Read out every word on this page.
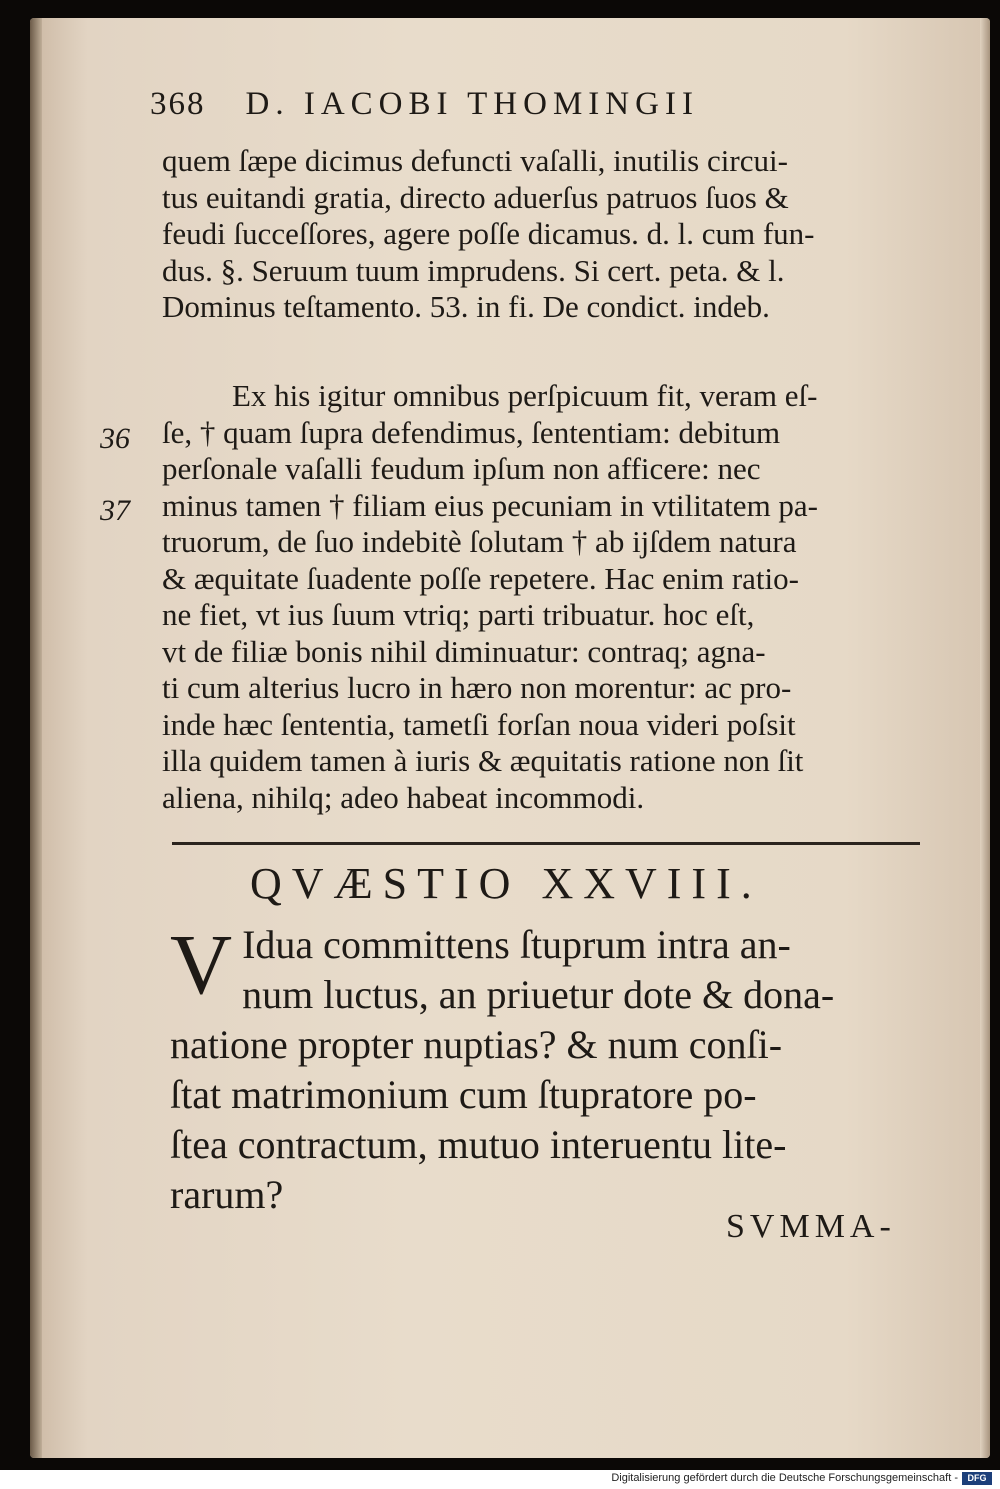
368 D. IACOBI THOMINGII
quem ſæpe dicimus defuncti vaſalli, inutilis circui-
tus euitandi gratia, directo aduerſus patruos ſuos &
feudi ſucceſſores, agere poſſe dicamus. d. l. cum fun-
dus. §. Seruum tuum imprudens. Si cert. peta. & l.
Dominus teſtamento. 53. in fi. De condict. indeb.
Ex his igitur omnibus perſpicuum fit, veram eſ-
ſe, † quam ſupra defendimus, ſententiam: debitum
perſonale vaſalli feudum ipſum non afficere: nec
minus tamen † filiam eius pecuniam in vtilitatem pa-
truorum, de ſuo indebitè ſolutam † ab ijſdem natura
& æquitate ſuadente poſſe repetere. Hac enim ratio-
ne fiet, vt ius ſuum vtriq; parti tribuatur. hoc eſt,
vt de filiæ bonis nihil diminuatur: contraq; agna-
ti cum alterius lucro in hæro non morentur: ac pro-
inde hæc ſententia, tametſi forſan noua videri poſsit
illa quidem tamen à iuris & æquitatis ratione non ſit
aliena, nihilq; adeo habeat incommodi.
36
37
QVÆSTIO XXVIII.
V Idua committens ſtuprum intra an-
num luctus, an priuetur dote & dona-
natione propter nuptias? & num conſi-
ſtat matrimonium cum ſtupratore po-
ſtea contractum, mutuo interuentu lite-
rarum?
SVMMA-
Digitalisierung gefördert durch die Deutsche Forschungsgemeinschaft -	DFG
